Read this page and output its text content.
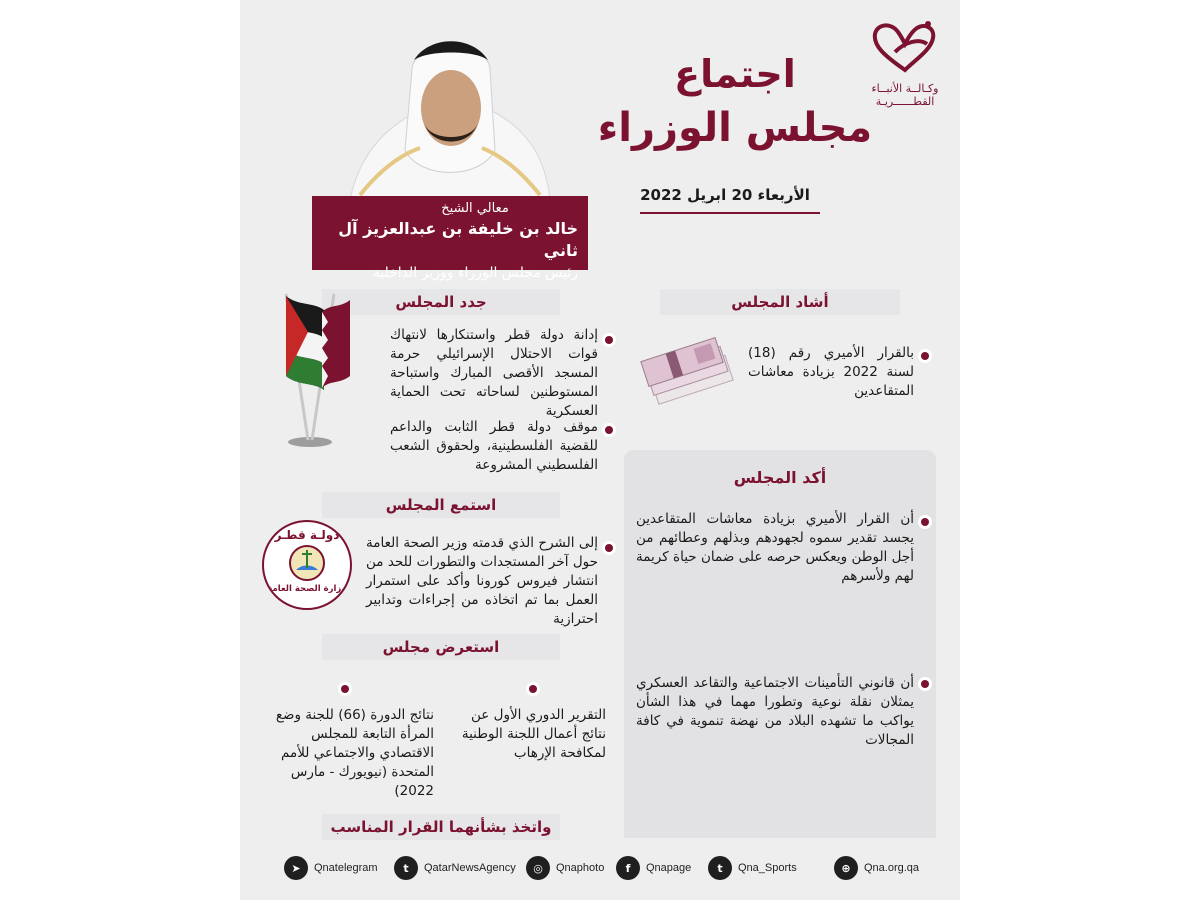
وكـالــة الأنبــاء
القطــــــريـة
اجتماع
مجلس الوزراء
الأربعاء 20 ابريل 2022
معالي الشيخ
خالد بن خليفة بن عبدالعزيز آل ثاني
رئيس مجلس الوزراء ووزير الداخلية
أشاد المجلس
بالقرار الأميري رقم (18) لسنة 2022 بزيادة معاشات المتقاعدين
أكد المجلس
أن القرار الأميري بزيادة معاشات المتقاعدين يجسد تقدير سموه لجهودهم وبذلهم وعطائهم من أجل الوطن ويعكس حرصه على ضمان حياة كريمة لهم ولأسرهم
أن قانوني التأمينات الاجتماعية والتقاعد العسكري يمثلان نقلة نوعية وتطورا مهما في هذا الشأن يواكب ما تشهده البلاد من نهضة تنموية في كافة المجالات
جدد المجلس
إدانة دولة قطر واستنكارها لانتهاك قوات الاحتلال الإسرائيلي حرمة المسجد الأقصى المبارك واستباحة المستوطنين لساحاته تحت الحماية العسكرية
موقف دولة قطر الثابت والداعم للقضية الفلسطينية، ولحقوق الشعب الفلسطيني المشروعة
استمع المجلس
دولـة قطـر
وزارة الصحة العامة
إلى الشرح الذي قدمته وزير الصحة العامة حول آخر المستجدات والتطورات للحد من انتشار فيروس كورونا وأكد على استمرار العمل بما تم اتخاذه من إجراءات وتدابير احترازية
استعرض مجلس
التقرير الدوري الأول عن نتائج أعمال اللجنة الوطنية لمكافحة الإرهاب
نتائج الدورة (66) للجنة وضع المرأة التابعة للمجلس الاقتصادي والاجتماعي للأمم المتحدة (نيويورك - مارس 2022)
واتخذ بشأنهما القرار المناسب
⊕	Qna.org.qa
t	Qna_Sports
f	Qnapage
◎	Qnaphoto
t	QatarNewsAgency
➤	Qnatelegram
